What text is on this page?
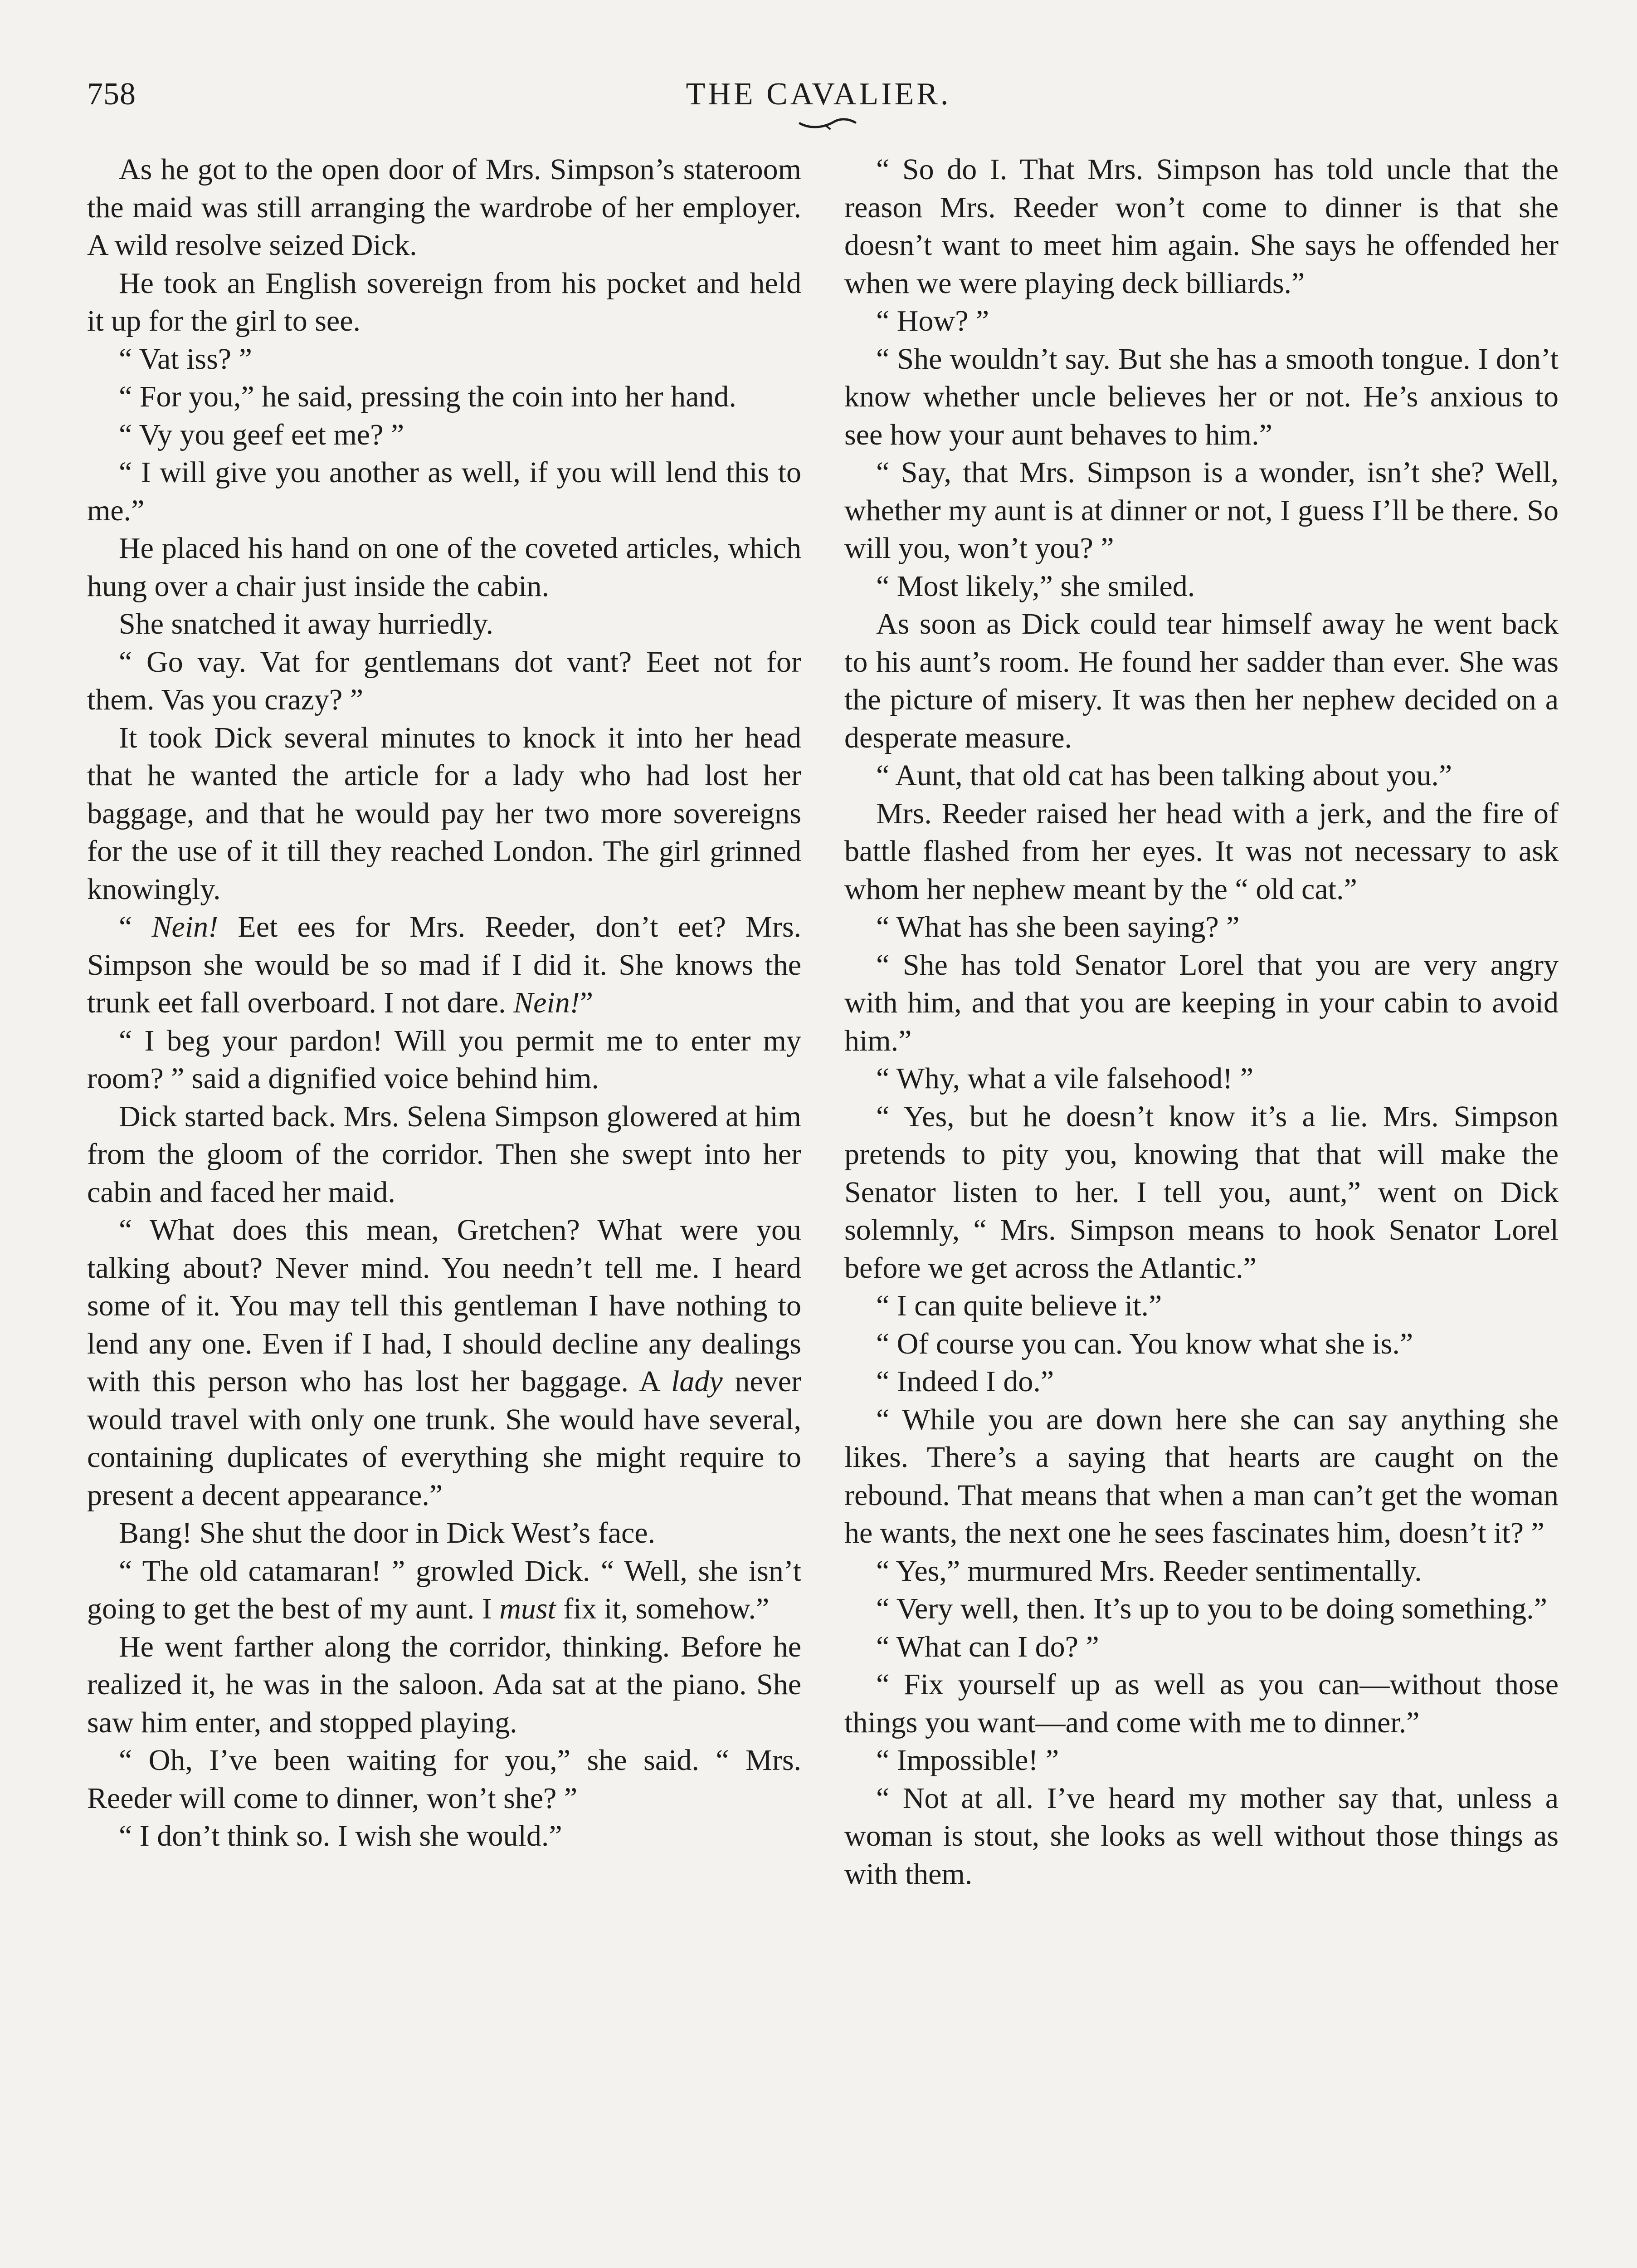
758	THE CAVALIER.

As he got to the open door of Mrs. Simpson’s stateroom the maid was still arranging the wardrobe of her employer. A wild resolve seized Dick.

He took an English sovereign from his pocket and held it up for the girl to see.

“ Vat iss? ”

“ For you,” he said, pressing the coin into her hand.

“ Vy you geef eet me? ”

“ I will give you another as well, if you will lend this to me.”

He placed his hand on one of the coveted articles, which hung over a chair just inside the cabin.

She snatched it away hurriedly.

“ Go vay. Vat for gentlemans dot vant? Eeet not for them. Vas you crazy? ”

It took Dick several minutes to knock it into her head that he wanted the article for a lady who had lost her baggage, and that he would pay her two more sovereigns for the use of it till they reached London. The girl grinned knowingly.

“ Nein! Eet ees for Mrs. Reeder, don’t eet? Mrs. Simpson she would be so mad if I did it. She knows the trunk eet fall overboard. I not dare. Nein!”

“ I beg your pardon! Will you permit me to enter my room? ” said a dignified voice behind him.

Dick started back. Mrs. Selena Simpson glowered at him from the gloom of the corridor. Then she swept into her cabin and faced her maid.

“ What does this mean, Gretchen? What were you talking about? Never mind. You needn’t tell me. I heard some of it. You may tell this gentleman I have nothing to lend any one. Even if I had, I should decline any dealings with this person who has lost her baggage. A lady never would travel with only one trunk. She would have several, containing duplicates of everything she might require to present a decent appearance.”

Bang! She shut the door in Dick West’s face.

“ The old catamaran! ” growled Dick. “ Well, she isn’t going to get the best of my aunt. I must fix it, somehow.”

He went farther along the corridor, thinking. Before he realized it, he was in the saloon. Ada sat at the piano. She saw him enter, and stopped playing.

“ Oh, I’ve been waiting for you,” she said. “ Mrs. Reeder will come to dinner, won’t she? ”

“ I don’t think so. I wish she would.”

“ So do I. That Mrs. Simpson has told uncle that the reason Mrs. Reeder won’t come to dinner is that she doesn’t want to meet him again. She says he offended her when we were playing deck billiards.”

“ How? ”

“ She wouldn’t say. But she has a smooth tongue. I don’t know whether uncle believes her or not. He’s anxious to see how your aunt behaves to him.”

“ Say, that Mrs. Simpson is a wonder, isn’t she? Well, whether my aunt is at dinner or not, I guess I’ll be there. So will you, won’t you? ”

“ Most likely,” she smiled.

As soon as Dick could tear himself away he went back to his aunt’s room. He found her sadder than ever. She was the picture of misery. It was then her nephew decided on a desperate measure.

“ Aunt, that old cat has been talking about you.”

Mrs. Reeder raised her head with a jerk, and the fire of battle flashed from her eyes. It was not necessary to ask whom her nephew meant by the “ old cat.”

“ What has she been saying? ”

“ She has told Senator Lorel that you are very angry with him, and that you are keeping in your cabin to avoid him.”

“ Why, what a vile falsehood! ”

“ Yes, but he doesn’t know it’s a lie. Mrs. Simpson pretends to pity you, knowing that that will make the Senator listen to her. I tell you, aunt,” went on Dick solemnly, “ Mrs. Simpson means to hook Senator Lorel before we get across the Atlantic.”

“ I can quite believe it.”

“ Of course you can. You know what she is.”

“ Indeed I do.”

“ While you are down here she can say anything she likes. There’s a saying that hearts are caught on the rebound. That means that when a man can’t get the woman he wants, the next one he sees fascinates him, doesn’t it? ”

“ Yes,” murmured Mrs. Reeder sentimentally.

“ Very well, then. It’s up to you to be doing something.”

“ What can I do? ”

“ Fix yourself up as well as you can—without those things you want—and come with me to dinner.”

“ Impossible! ”

“ Not at all. I’ve heard my mother say that, unless a woman is stout, she looks as well without those things as with them.
